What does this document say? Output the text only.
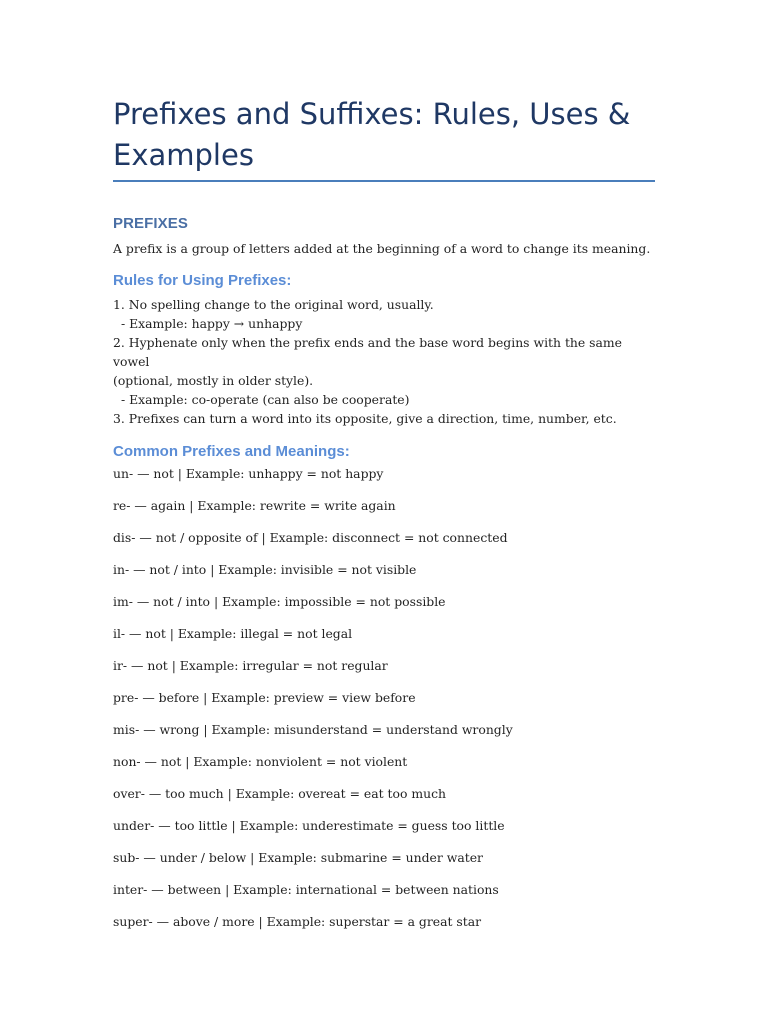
Prefixes and Suffixes: Rules, Uses & Examples
PREFIXES

A prefix is a group of letters added at the beginning of a word to change its meaning.

Rules for Using Prefixes:
1. No spelling change to the original word, usually.
- Example: happy → unhappy
2. Hyphenate only when the prefix ends and the base word begins with the same vowel
(optional, mostly in older style).
- Example: co-operate (can also be cooperate)
3. Prefixes can turn a word into its opposite, give a direction, time, number, etc.
Common Prefixes and Meanings:
un- — not | Example: unhappy = not happy
re- — again | Example: rewrite = write again
dis- — not / opposite of | Example: disconnect = not connected
in- — not / into | Example: invisible = not visible
im- — not / into | Example: impossible = not possible
il- — not | Example: illegal = not legal
ir- — not | Example: irregular = not regular
pre- — before | Example: preview = view before
mis- — wrong | Example: misunderstand = understand wrongly
non- — not | Example: nonviolent = not violent
over- — too much | Example: overeat = eat too much
under- — too little | Example: underestimate = guess too little
sub- — under / below | Example: submarine = under water
inter- — between | Example: international = between nations
super- — above / more | Example: superstar = a great star
